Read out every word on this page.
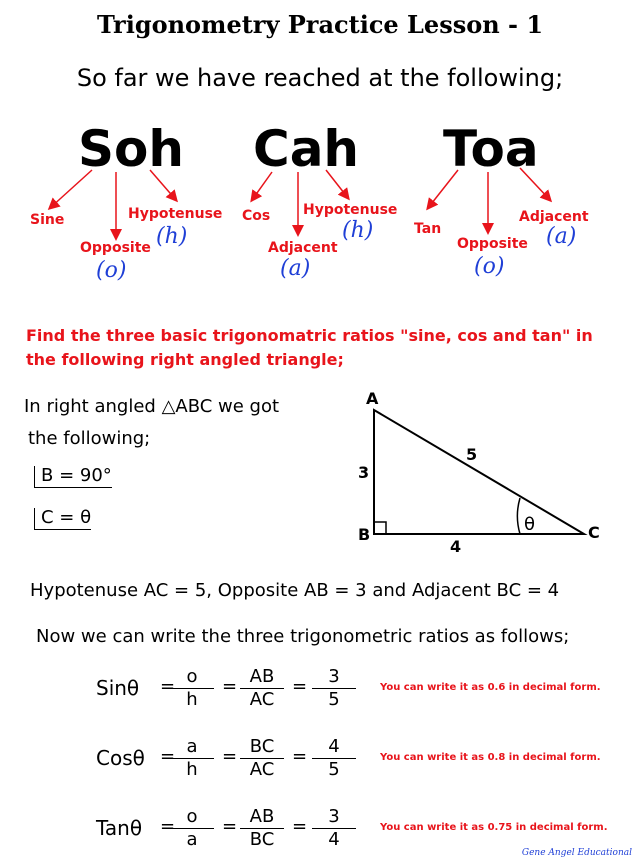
Trigonometry Practice Lesson - 1
So far we have reached at the following;
Soh Cah Toa
Sine
Opposite
Hypotenuse
(o)
(h)
Cos
Adjacent
Hypotenuse
(a)
(h)	Tan
Opposite
Adjacent
(o)
(a)
Find the three basic trigonomatric ratios "sine, cos and tan" in the following right angled triangle;
In right angled △ABC we got
the following;
B = 90°
C = θ
A
B	C
3
5
4
θ
Hypotenuse AC = 5, Opposite AB = 3 and Adjacent BC = 4
Now we can write the three trigonometric ratios as follows;
Sinθ =
$\frac{o}{h} = \frac{AB}{AC} = \frac{3}{5}$ You can write it as 0.6 in decimal form.
Cosθ =
$\frac{a}{h} = \frac{BC}{AC} = \frac{4}{5}$ You can write it as 0.8 in decimal form.
Tanθ =
$\frac{o}{a} = \frac{AB}{BC} = \frac{3}{4}$ You can write it as 0.75 in decimal form.
Gene Angel Educational
